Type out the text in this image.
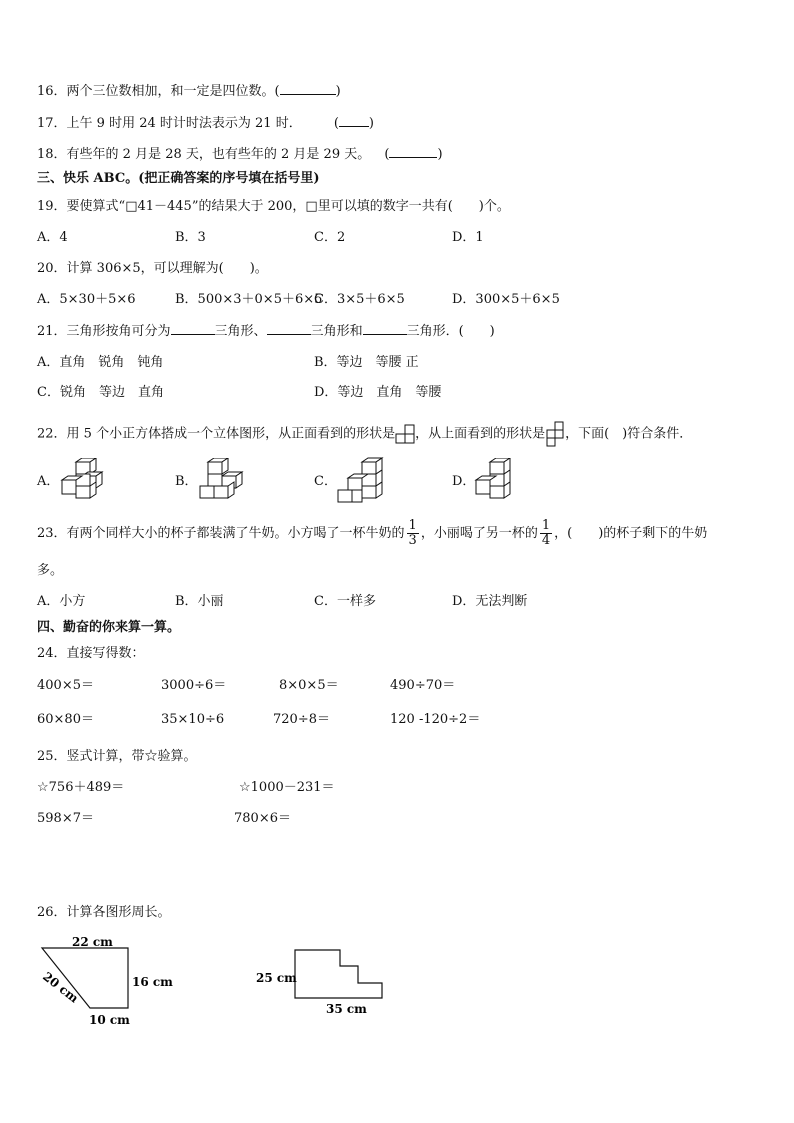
16．两个三位数相加，和一定是四位数。(	)
17．上午 9 时用 24 时计时法表示为 21 时． ( )
18．有些年的 2 月是 28 天，也有些年的 2 月是 29 天。 (	)
三、快乐 ABC。(把正确答案的序号填在括号里)
19．要使算式“□41－445”的结果大于 200，□里可以填的数字一共有(　　)个。
A．4	B．3	C．2	D．1
20．计算 306×5，可以理解为(　　)。
A．5×30＋5×6	B．500×3＋0×5＋6×5
C．3×5＋6×5	D．300×5＋6×5
21．三角形按角可分为	三角形、	三角形和	三角形．(　　)
A．直角　锐角　钝角	B．等边　等腰 正
C．锐角　等边　直角	D．等边　直角　等腰
22．用 5 个小正方体搭成一个立体图形，从正面看到的形状是 ，从上面看到的形状是 ，下面(　)符合条件．
A．	B．	C．	D．
23．有两个同样大小的杯子都装满了牛奶。小方喝了一杯牛奶的 $\frac{1}{3}$ ，小丽喝了另一杯的 $\frac{1}{4}$ ，(　　)的杯子剩下的牛奶
多。
A．小方	B．小丽	C．一样多	D．无法判断
四、勤奋的你来算一算。
24．直接写得数：
400×5＝	3000÷6＝	8×0×5＝	490÷70＝
60×80＝	35×10÷6	720÷8＝	120 -120÷2＝
25．竖式计算，带☆验算。
☆756＋489＝	☆1000－231＝
598×7＝	780×6＝
26．计算各图形周长。
22 cm
16 cm
10 cm
20 cm	25 cm
35 cm
